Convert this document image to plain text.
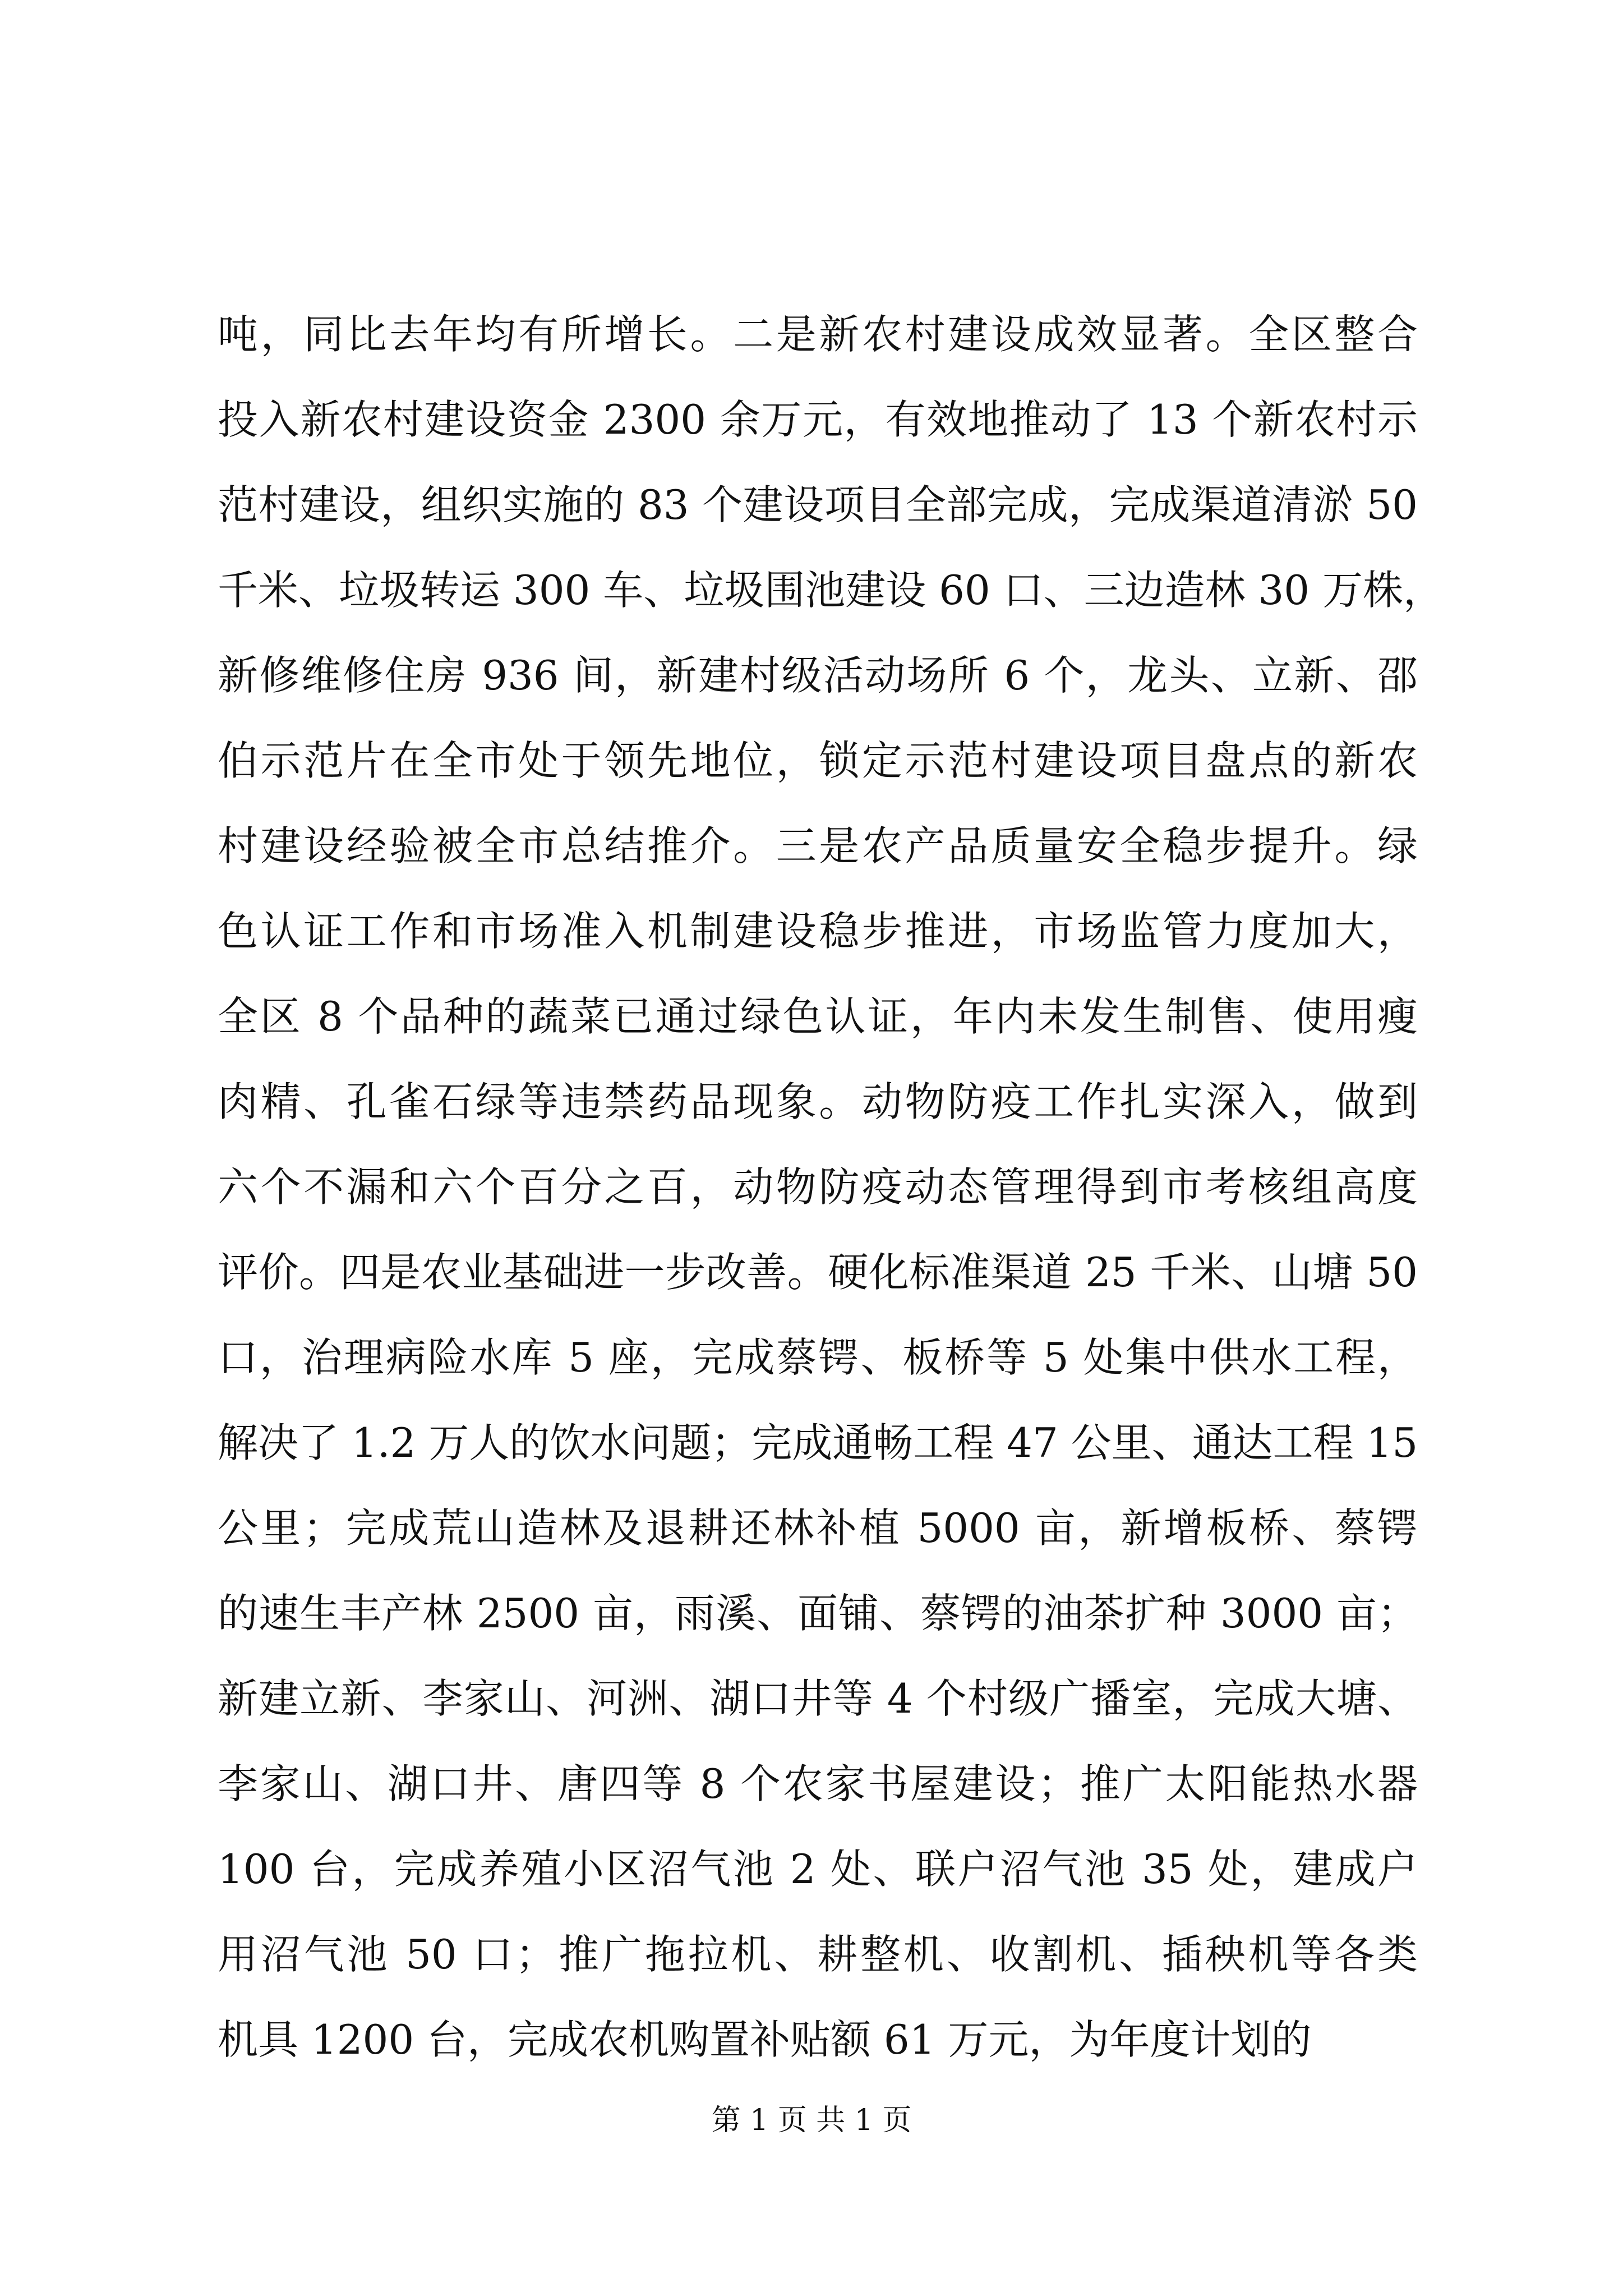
吨，同比去年均有所增长。二是新农村建设成效显著。全区整合
投入新农村建设资金 2300 余万元，有效地推动了 13 个新农村示
范村建设，组织实施的 83 个建设项目全部完成，完成渠道清淤 50
千米、垃圾转运 300 车、垃圾围池建设 60 口、三边造林 30 万株，
新修维修住房 936 间，新建村级活动场所 6 个，龙头、立新、邵
伯示范片在全市处于领先地位，锁定示范村建设项目盘点的新农
村建设经验被全市总结推介。三是农产品质量安全稳步提升。绿
色认证工作和市场准入机制建设稳步推进，市场监管力度加大，
全区 8 个品种的蔬菜已通过绿色认证，年内未发生制售、使用瘦
肉精、孔雀石绿等违禁药品现象。动物防疫工作扎实深入，做到
六个不漏和六个百分之百，动物防疫动态管理得到市考核组高度
评价。四是农业基础进一步改善。硬化标准渠道 25 千米、山塘 50
口，治理病险水库 5 座，完成蔡锷、板桥等 5 处集中供水工程，
解决了 1.2 万人的饮水问题；完成通畅工程 47 公里、通达工程 15
公里；完成荒山造林及退耕还林补植 5000 亩，新增板桥、蔡锷
的速生丰产林 2500 亩，雨溪、面铺、蔡锷的油茶扩种 3000 亩；
新建立新、李家山、河洲、湖口井等 4 个村级广播室，完成大塘、
李家山、湖口井、唐四等 8 个农家书屋建设；推广太阳能热水器
100 台，完成养殖小区沼气池 2 处、联户沼气池 35 处，建成户
用沼气池 50 口；推广拖拉机、耕整机、收割机、插秧机等各类
机具 1200 台，完成农机购置补贴额 61 万元，为年度计划的
第 1 页 共 1 页
